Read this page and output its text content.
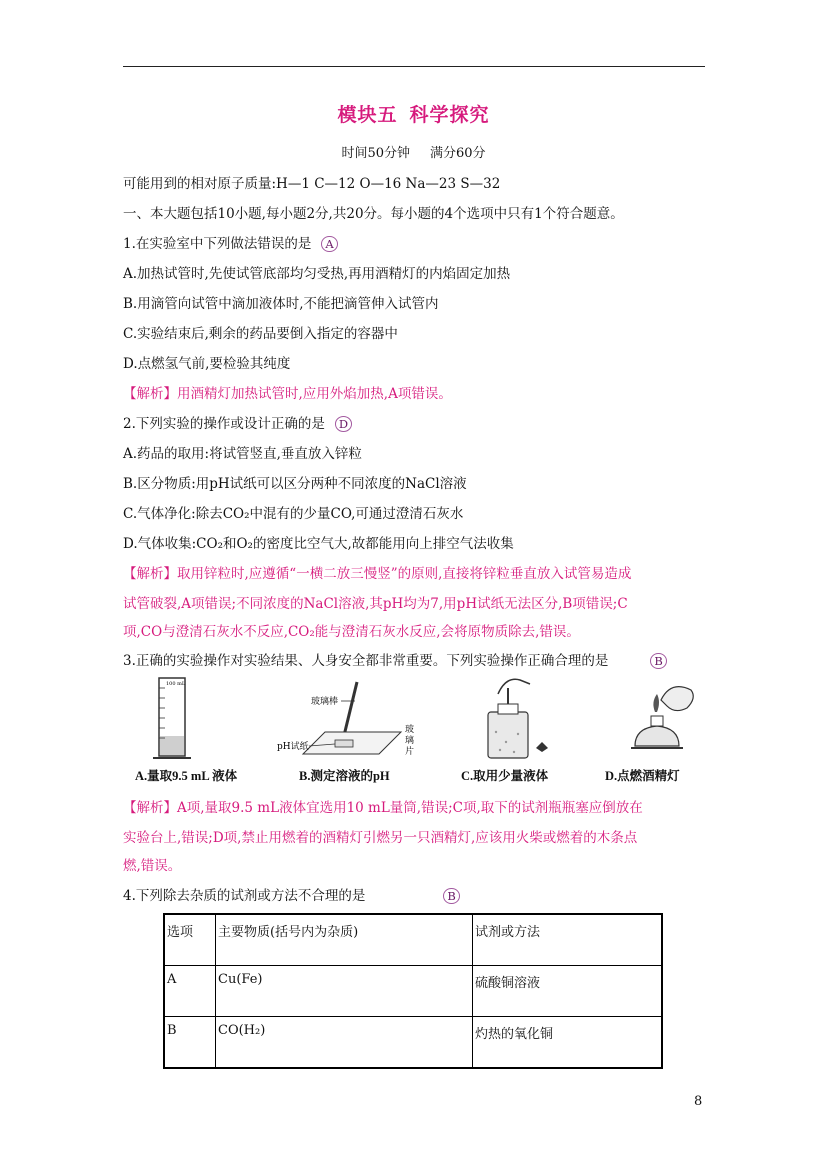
模块五 科学探究
时间50分钟 满分60分
可能用到的相对原子质量:H—1 C—12 O—16 Na—23 S—32
一、本大题包括10小题,每小题2分,共20分。每小题的4个选项中只有1个符合题意。
1.在实验室中下列做法错误的是 A
A.加热试管时,先使试管底部均匀受热,再用酒精灯的内焰固定加热
B.用滴管向试管中滴加液体时,不能把滴管伸入试管内
C.实验结束后,剩余的药品要倒入指定的容器中
D.点燃氢气前,要检验其纯度
【解析】用酒精灯加热试管时,应用外焰加热,A项错误。
2.下列实验的操作或设计正确的是 D
A.药品的取用:将试管竖直,垂直放入锌粒
B.区分物质:用pH试纸可以区分两种不同浓度的NaCl溶液
C.气体净化:除去CO₂中混有的少量CO,可通过澄清石灰水
D.气体收集:CO₂和O₂的密度比空气大,故都能用向上排空气法收集
【解析】取用锌粒时,应遵循“一横二放三慢竖”的原则,直接将锌粒垂直放入试管易造成
试管破裂,A项错误;不同浓度的NaCl溶液,其pH均为7,用pH试纸无法区分,B项错误;C
项,CO与澄清石灰水不反应,CO₂能与澄清石灰水反应,会将原物质除去,错误。
3.正确的实验操作对实验结果、人身安全都非常重要。下列实验操作正确合理的是	B
100 mL
A.量取9.5 mL 液体
玻璃棒
pH试纸
玻
璃
片
B.测定溶液的pH	C.取用少量液体	D.点燃酒精灯
【解析】A项,量取9.5 mL液体宜选用10 mL量筒,错误;C项,取下的试剂瓶瓶塞应倒放在
实验台上,错误;D项,禁止用燃着的酒精灯引燃另一只酒精灯,应该用火柴或燃着的木条点
燃,错误。
4.下列除去杂质的试剂或方法不合理的是	B
选项	主要物质(括号内为杂质)	试剂或方法
A	Cu(Fe)	硫酸铜溶液
B	CO(H₂)	灼热的氧化铜
8
